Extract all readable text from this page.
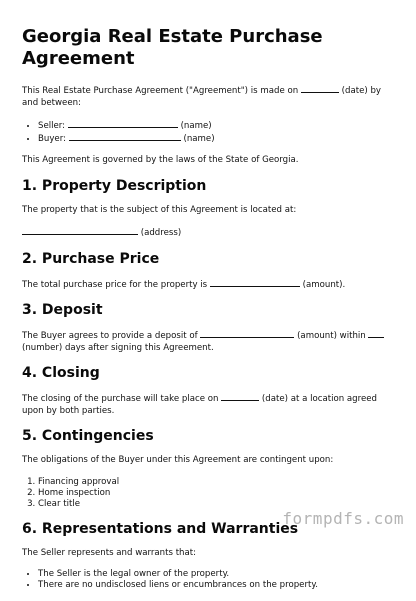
Georgia Real Estate Purchase Agreement

This Real Estate Purchase Agreement ("Agreement") is made on	(date) by and between:

• Seller:	(name)
• Buyer:	(name)

This Agreement is governed by the laws of the State of Georgia.

1. Property Description

The property that is the subject of this Agreement is located at:

(address)

2. Purchase Price

The total purchase price for the property is	(amount).

3. Deposit

The Buyer agrees to provide a deposit of	(amount) within  (number) days after signing this Agreement.

4. Closing

The closing of the purchase will take place on	(date) at a location agreed upon by both parties.

5. Contingencies

The obligations of the Buyer under this Agreement are contingent upon:

1. Financing approval
2. Home inspection
3. Clear title
6. Representations and Warranties

The Seller represents and warrants that:

• The Seller is the legal owner of the property.
• There are no undisclosed liens or encumbrances on the property.
formpdfs.com
